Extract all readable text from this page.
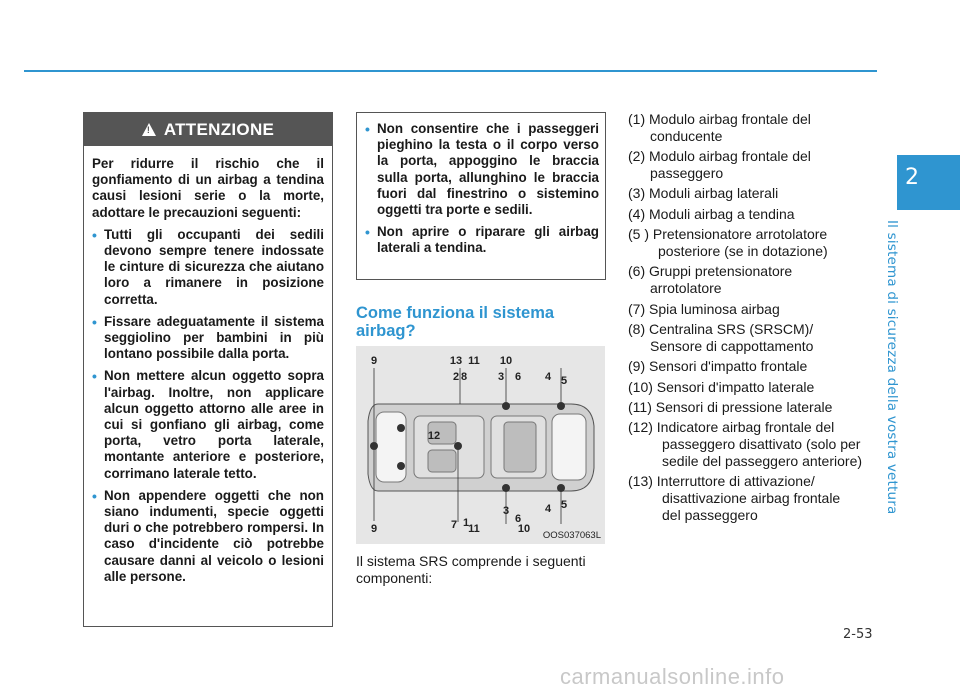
2
Il sistema di sicurezza della vostra vettura
!
ATTENZIONE

Per ridurre il rischio che il gonfiamento di un airbag a tendina causi lesioni serie o la morte, adottare le precauzioni seguenti:

• Tutti gli occupanti dei sedili devono sempre tenere indossate le cinture di sicurezza che aiutano loro a rimanere in posizione corretta.
• Fissare adeguatamente il sistema seggiolino per bambini in più lontano possibile dalla porta.
• Non mettere alcun oggetto sopra l'airbag. Inoltre, non applicare alcun oggetto attorno alle aree in cui si gonfiano gli airbag, come porta, vetro porta laterale, montante anteriore e posteriore, corrimano laterale tetto.
• Non appendere oggetti che non siano indumenti, specie oggetti duri o che potrebbero rompersi. In caso d'incidente ciò potrebbe causare danni al veicolo o lesioni alle persone.
• Non consentire che i passeggeri pieghino la testa o il corpo verso la porta, appoggino le braccia sulla porta, allunghino le braccia fuori dal finestrino o sistemino oggetti tra porte e sedili.
• Non aprire o riparare gli airbag laterali a tendina.
Come funziona il sistema airbag?
9	13 11 10
2 8	3 6 4 5
12
9	7 1 11
3
6
10
4 5
OOS037063L
Il sistema SRS comprende i seguenti componenti:
(1) Modulo airbag frontale del
conducente
(2) Modulo airbag frontale del
passeggero
(3) Moduli airbag laterali
(4) Moduli airbag a tendina
(5 ) Pretensionatore arrotolatore
posteriore (se in dotazione)
(6) Gruppi pretensionatore
arrotolatore
(7) Spia luminosa airbag
(8) Centralina SRS (SRSCM)/
Sensore di cappottamento
(9) Sensori d'impatto frontale
(10) Sensori d'impatto laterale
(11) Sensori di pressione laterale
(12) Indicatore airbag frontale del
passeggero disattivato (solo per
sedile del passeggero anteriore)
(13) Interruttore di attivazione/
disattivazione airbag frontale
del passeggero
2-53
carmanualsonline.info
